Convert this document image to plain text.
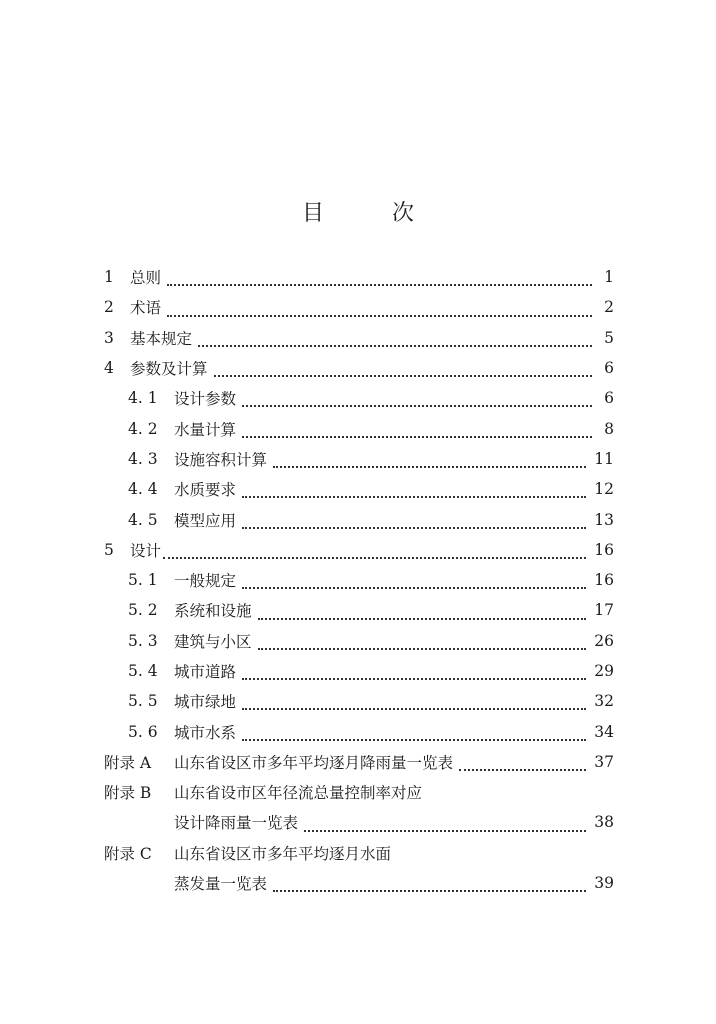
目	次
1	总则	1
2	术语	2
3	基本规定	5
4	参数及计算	6
4. 1	设计参数	6
4. 2	水量计算	8
4. 3	设施容积计算	11
4. 4	水质要求	12
4. 5	模型应用	13
5	设计	16
5. 1	一般规定	16
5. 2	系统和设施	17
5. 3	建筑与小区	26
5. 4	城市道路	29
5. 5	城市绿地	32
5. 6	城市水系	34
附录 A	山东省设区市多年平均逐月降雨量一览表	37
附录 B	山东省设市区年径流总量控制率对应
设计降雨量一览表	38
附录 C	山东省设区市多年平均逐月水面
蒸发量一览表	39
